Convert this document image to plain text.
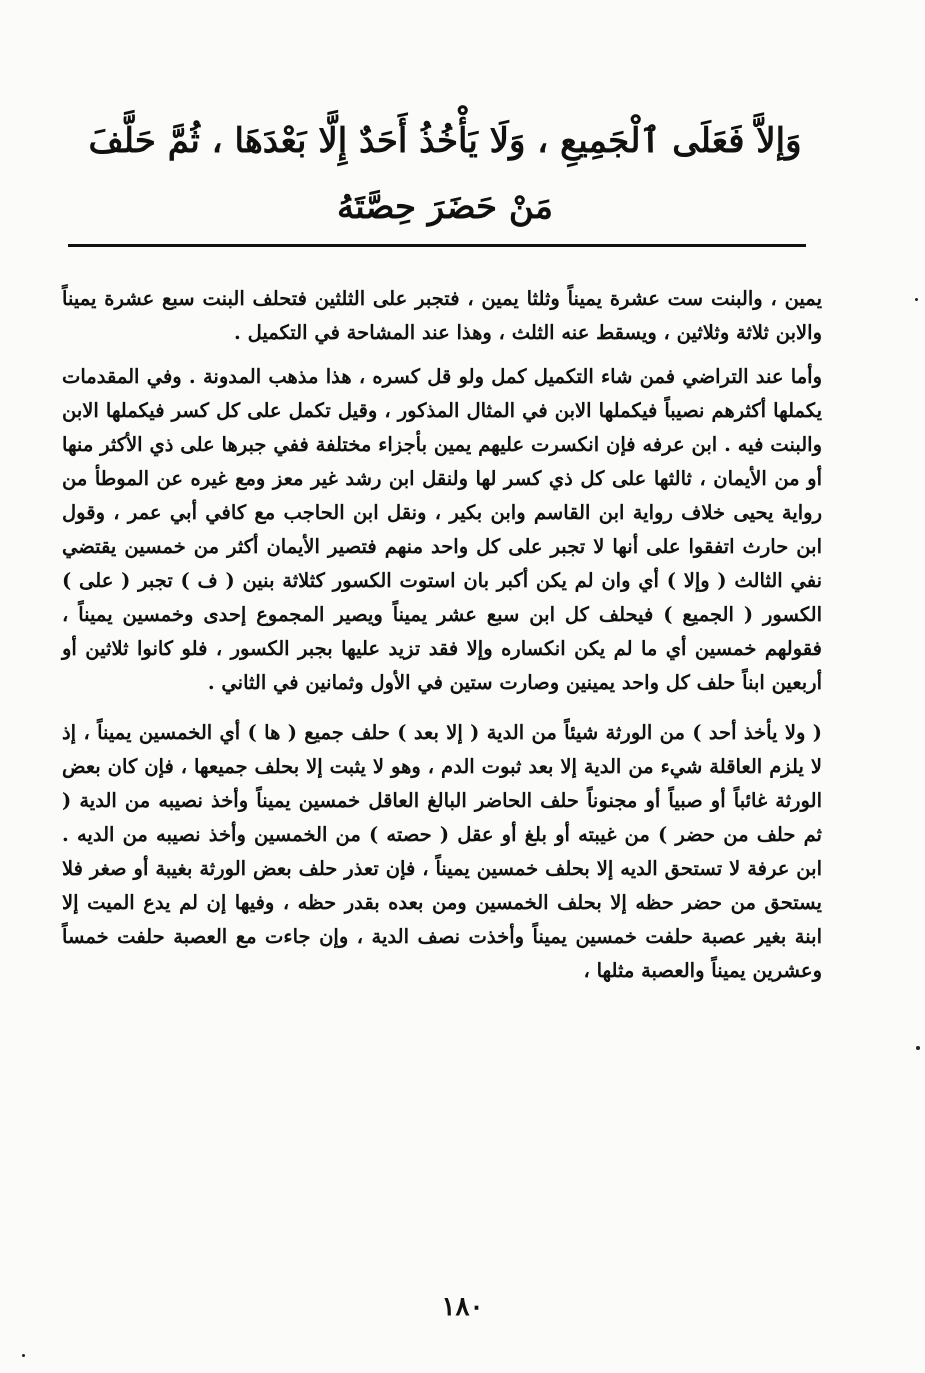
وَإلاَّ فَعَلَى ٱلْجَمِيعِ ، وَلَا يَأْخُذُ أَحَدٌ إِلَّا بَعْدَهَا ، ثُمَّ حَلَّفَ
مَنْ حَضَرَ حِصَّتَهُ

يمين ، والبنت ست عشرة يميناً وثلثا يمين ، فتجبر على الثلثين فتحلف البنت سبع عشرة يميناً والابن ثلاثة وثلاثين ، ويسقط عنه الثلث ، وهذا عند المشاحة في التكميل .

وأما عند التراضي فمن شاء التكميل كمل ولو قل كسره ، هذا مذهب المدونة . وفي المقدمات يكملها أكثرهم نصيباً فيكملها الابن في المثال المذكور ، وقيل تكمل على كل كسر فيكملها الابن والبنت فيه . ابن عرفه فإن انكسرت عليهم يمين بأجزاء مختلفة ففي جبرها على ذي الأكثر منها أو من الأيمان ، ثالثها على كل ذي كسر لها ولنقل ابن رشد غير معز ومع غيره عن الموطأ من رواية يحيى خلاف رواية ابن القاسم وابن بكير ، ونقل ابن الحاجب مع كافي أبي عمر ، وقول ابن حارث اتفقوا على أنها لا تجبر على كل واحد منهم فتصير الأيمان أكثر من خمسين يقتضي نفي الثالث ( وإلا ) أي وان لم يكن أكبر بان استوت الكسور كثلاثة بنين ( ف ) تجبر ( على ) الكسور ( الجميع ) فيحلف كل ابن سبع عشر يميناً ويصير المجموع إحدى وخمسين يميناً ، فقولهم خمسين أي ما لم يكن انكساره وإلا فقد تزيد عليها بجبر الكسور ، فلو كانوا ثلاثين أو أربعين ابناً حلف كل واحد يمينين وصارت ستين في الأول وثمانين في الثاني .

( ولا يأخذ أحد ) من الورثة شيئاً من الدية ( إلا بعد ) حلف جميع ( ها ) أي الخمسين يميناً ، إذ لا يلزم العاقلة شيء من الدية إلا بعد ثبوت الدم ، وهو لا يثبت إلا بحلف جميعها ، فإن كان بعض الورثة غائباً أو صبياً أو مجنوناً حلف الحاضر البالغ العاقل خمسين يميناً وأخذ نصيبه من الدية ( ثم حلف من حضر ) من غيبته أو بلغ أو عقل ( حصته ) من الخمسين وأخذ نصيبه من الديه . ابن عرفة لا تستحق الديه إلا بحلف خمسين يميناً ، فإن تعذر حلف بعض الورثة بغيبة أو صغر فلا يستحق من حضر حظه إلا بحلف الخمسين ومن بعده بقدر حظه ، وفيها إن لم يدع الميت إلا ابنة بغير عصبة حلفت خمسين يميناً وأخذت نصف الدية ، وإن جاءت مع العصبة حلفت خمساً وعشرين يميناً والعصبة مثلها ،

١٨٠
